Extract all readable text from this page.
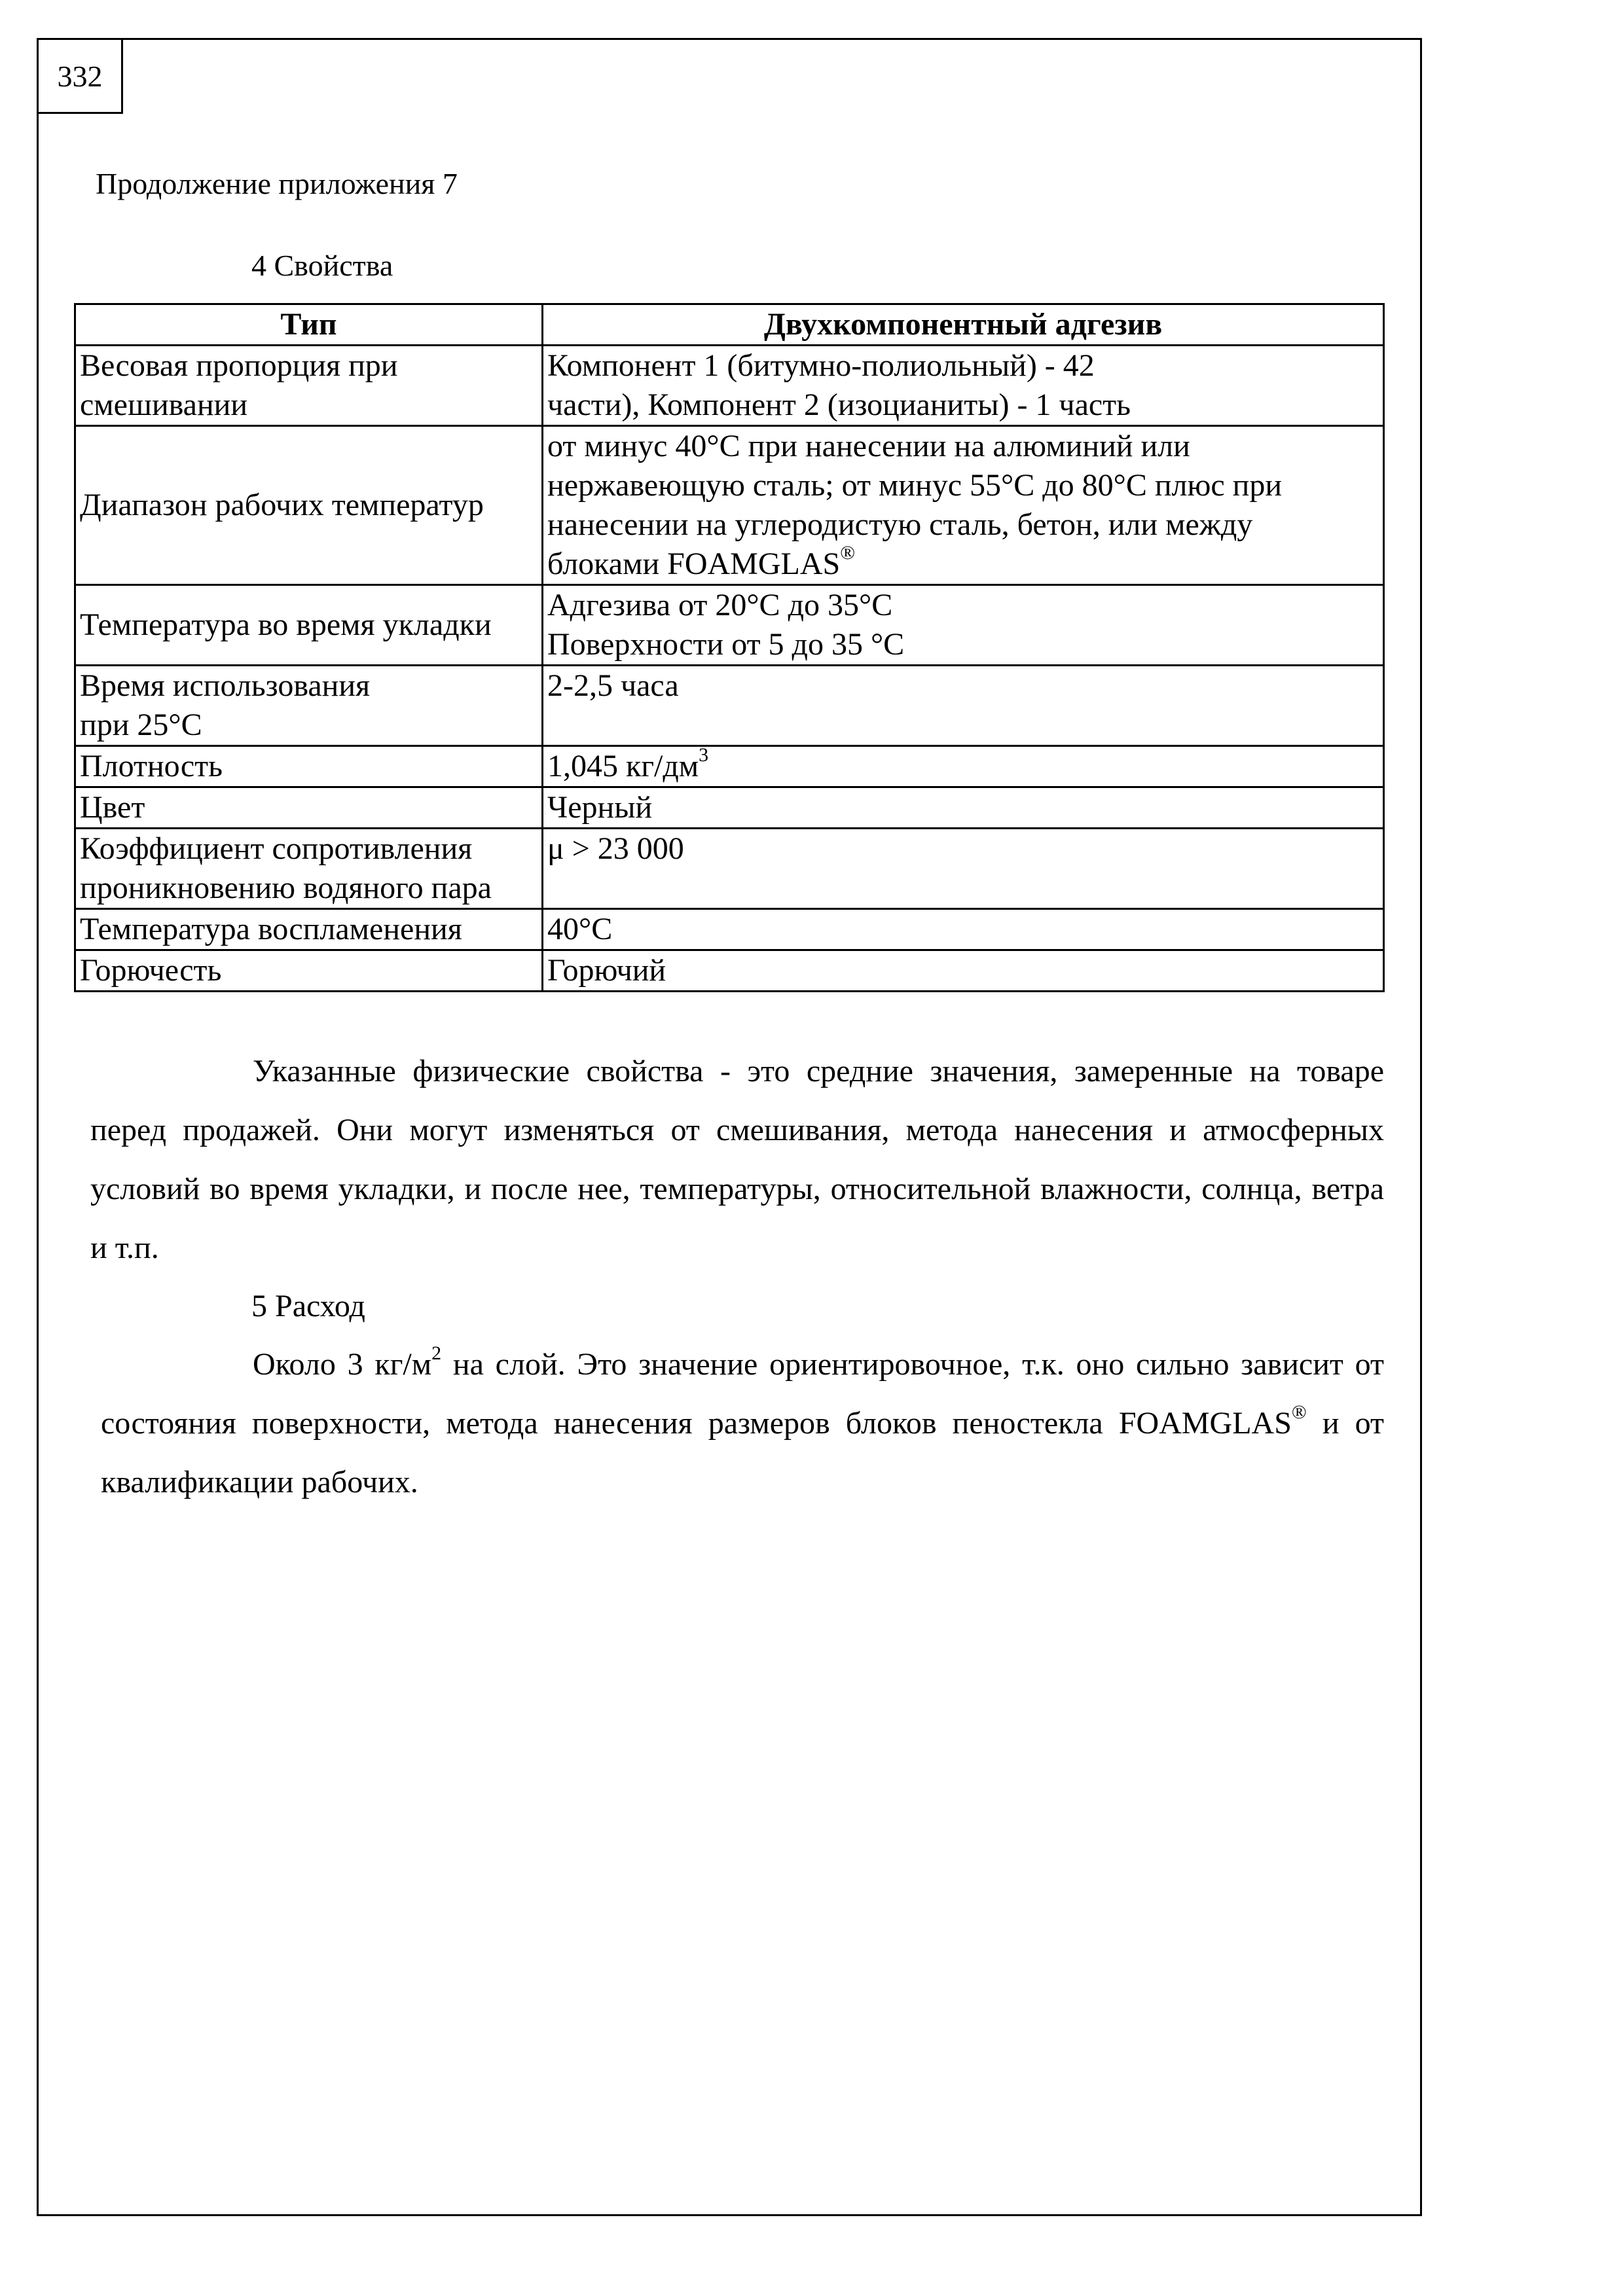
332
Продолжение приложения 7
4 Свойства
Тип	Двухкомпонентный адгезив

Весовая пропорция при
смешивании	Компонент 1 (битумно-полиольный) - 42
части), Компонент 2 (изоцианиты) - 1 часть

Диапазон рабочих температур	от минус 40°С при нанесении на алюминий или
нержавеющую сталь; от минус 55°С до 80°С плюс при
нанесении на углеродистую сталь, бетон, или между
блоками FOAMGLAS®

Температура во время укладки	Адгезива от 20°С до 35°С
Поверхности от 5 до 35 °С

Время использования
при 25°С	2-2,5 часа

Плотность	1,045 $кг/дм^3$

Цвет	Черный

Коэффициент сопротивления
проникновению водяного пара	μ > 23 000

Температура воспламенения	40°С

Горючесть	Горючий

Указанные физические свойства - это средние значения, замеренные на товаре перед продажей. Они могут изменяться от смешивания, метода нанесения и атмосферных условий во время укладки, и после нее, температуры, относительной влажности, солнца, ветра и т.п.

5 Расход

Около 3 $кг/м^2$ на слой. Это значение ориентировочное, т.к. оно сильно зависит от состояния поверхности, метода нанесения размеров блоков пеностекла FOAMGLAS® и от квалификации рабочих.
